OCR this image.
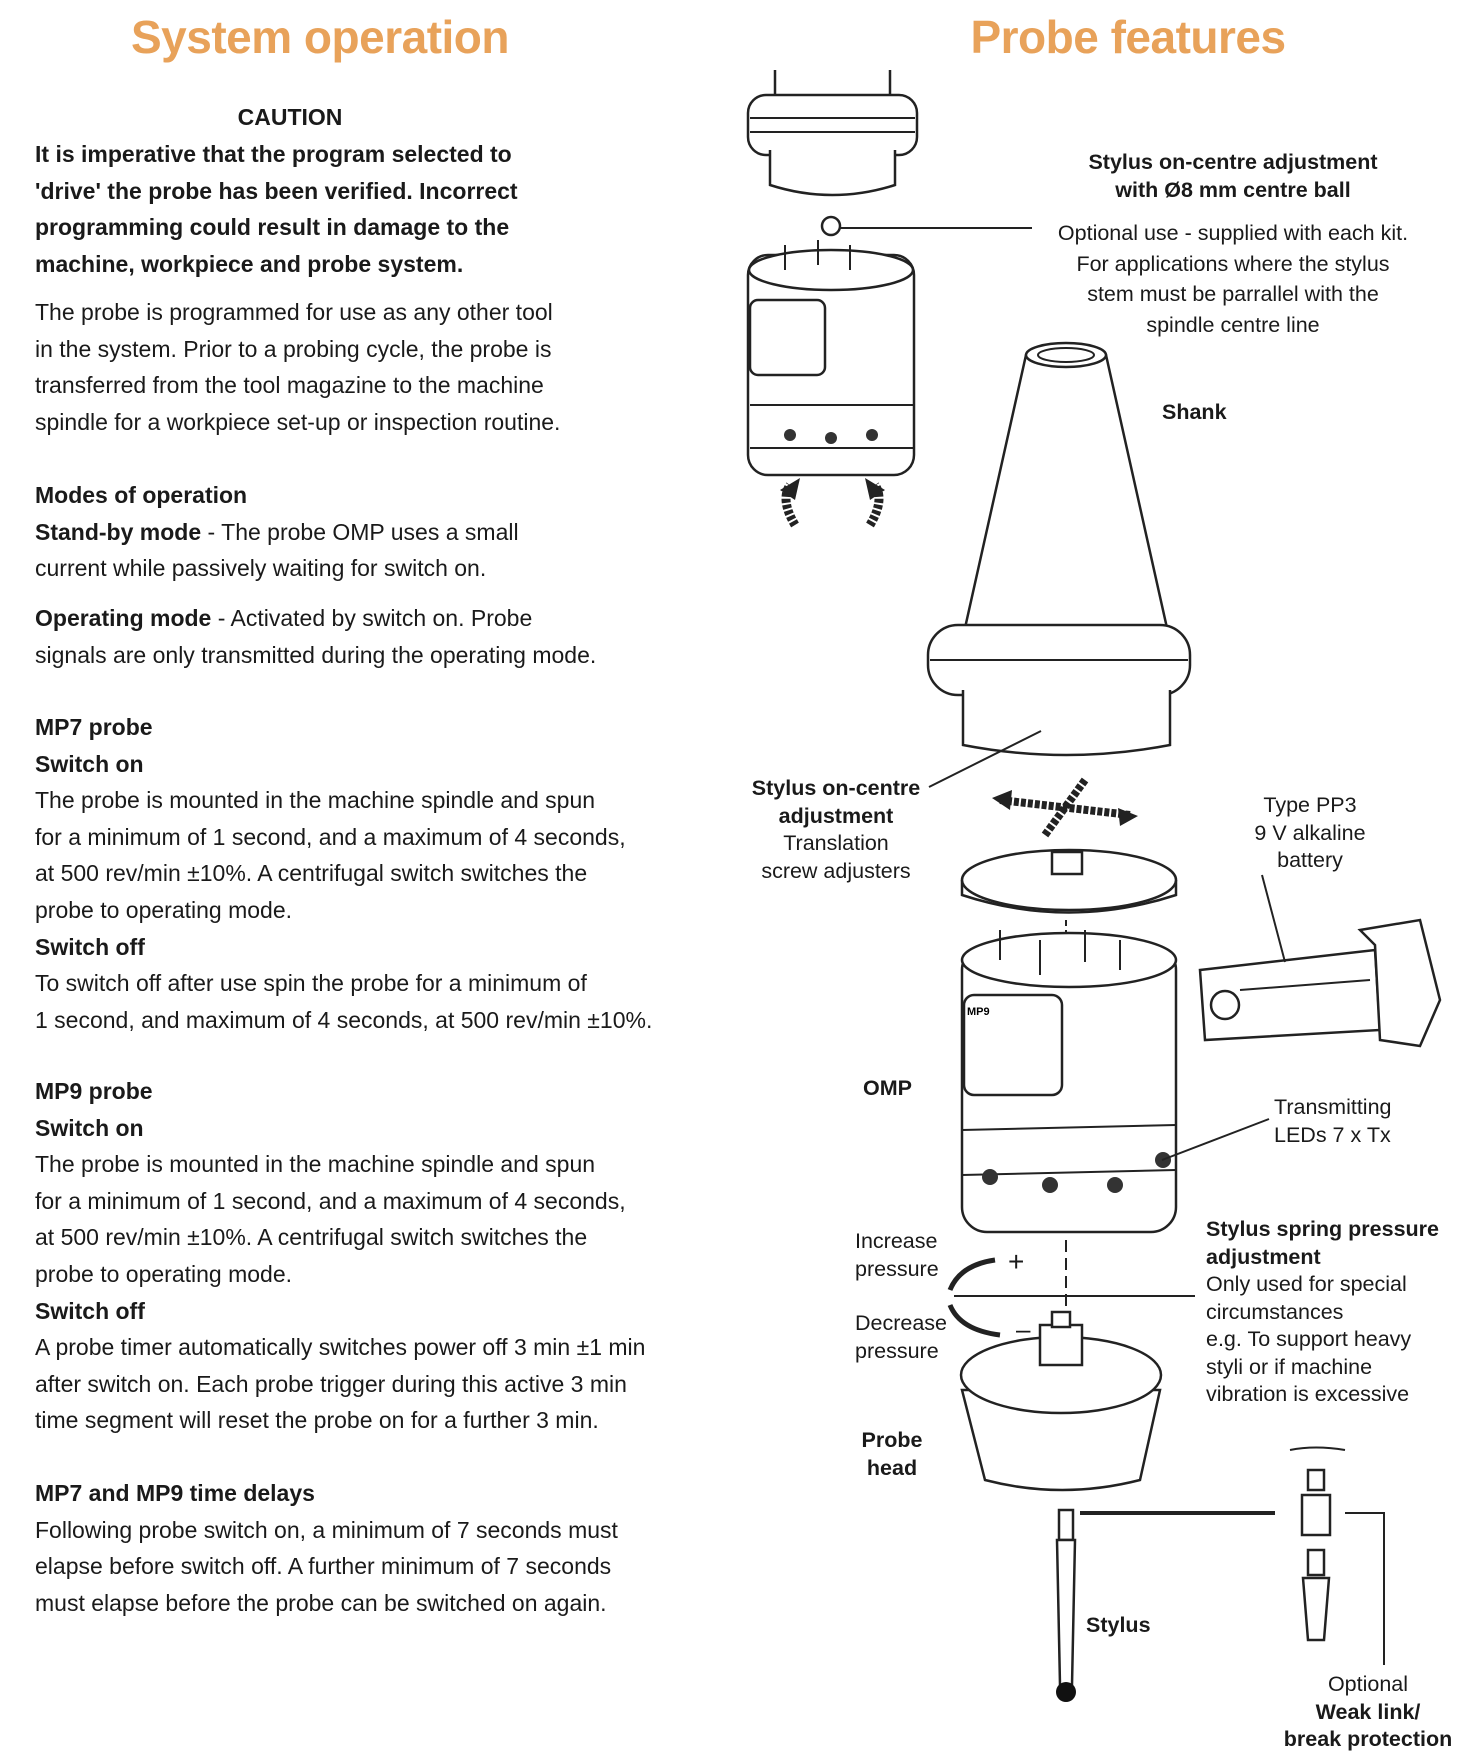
System operation	Probe features
CAUTION
It is imperative that the program selected to
'drive' the probe has been verified. Incorrect
programming could result in damage to the
machine, workpiece and probe system.
The probe is programmed for use as any other tool
in the system. Prior to a probing cycle, the probe is
transferred from the tool magazine to the machine
spindle for a workpiece set-up or inspection routine.
Modes of operation
Stand-by mode - The probe OMP uses a small
current while passively waiting for switch on.
Operating mode - Activated by switch on. Probe
signals are only transmitted during the operating mode.
MP7 probe
Switch on
The probe is mounted in the machine spindle and spun
for a minimum of 1 second, and a maximum of 4 seconds,
at 500 rev/min ±10%. A centrifugal switch switches the
probe to operating mode.
Switch off
To switch off after use spin the probe for a minimum of
1 second, and maximum of 4 seconds, at 500 rev/min ±10%.
MP9 probe
Switch on
The probe is mounted in the machine spindle and spun
for a minimum of 1 second, and a maximum of 4 seconds,
at 500 rev/min ±10%. A centrifugal switch switches the
probe to operating mode.
Switch off
A probe timer automatically switches power off 3 min ±1 min
after switch on. Each probe trigger during this active 3 min
time segment will reset the probe on for a further 3 min.
MP7 and MP9 time delays
Following probe switch on, a minimum of 7 seconds must
elapse before switch off. A further minimum of 7 seconds
must elapse before the probe can be switched on again.
MP9
Stylus on-centre adjustment
with Ø8 mm centre ball
Optional use - supplied with each kit.
For applications where the stylus
stem must be parrallel with the
spindle centre line
Shank
Stylus on-centre
adjustment
Translation
screw adjusters
Type PP3
9 V alkaline
battery
OMP
Transmitting
LEDs 7 x Tx
Increase
pressure +
Decrease
pressure
–
Stylus spring pressure
adjustment
Only used for special
circumstances
e.g. To support heavy
styli or if machine
vibration is excessive
Probe
head
Stylus
Optional
Weak link/
break protection
